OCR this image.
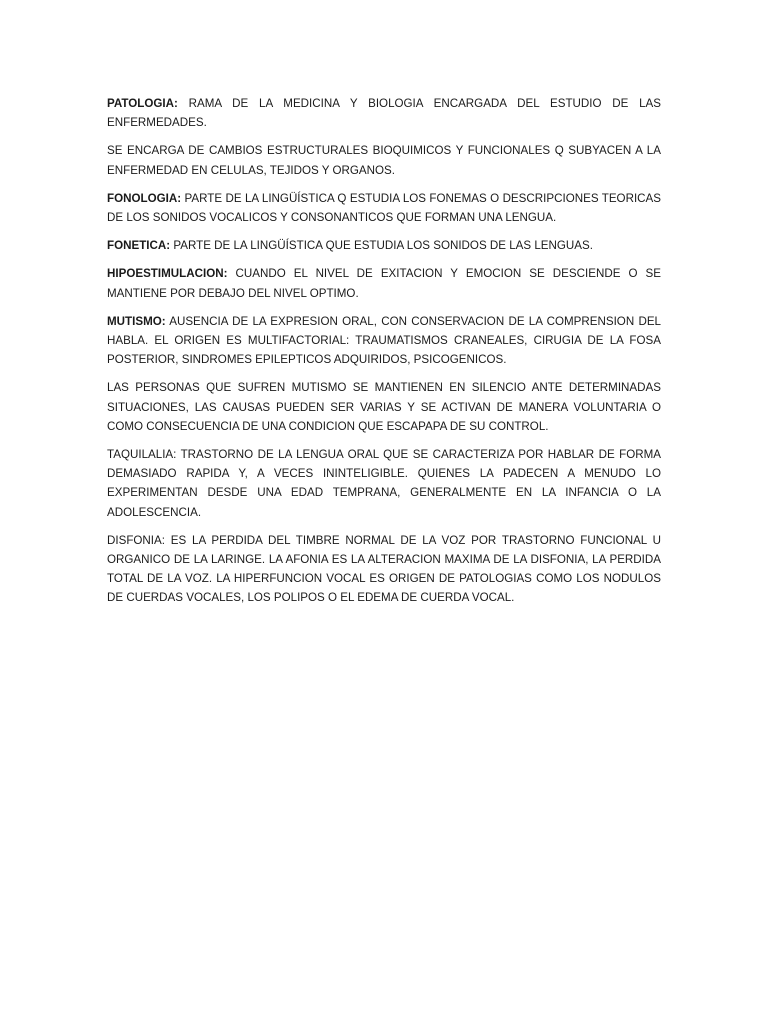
PATOLOGIA: RAMA DE LA MEDICINA Y BIOLOGIA ENCARGADA DEL ESTUDIO DE LAS ENFERMEDADES.

SE ENCARGA DE CAMBIOS ESTRUCTURALES BIOQUIMICOS Y FUNCIONALES Q SUBYACEN A LA ENFERMEDAD EN CELULAS, TEJIDOS Y ORGANOS.

FONOLOGIA: PARTE DE LA LINGÜÍSTICA Q ESTUDIA LOS FONEMAS O DESCRIPCIONES TEORICAS DE LOS SONIDOS VOCALICOS Y CONSONANTICOS QUE FORMAN UNA LENGUA.

FONETICA: PARTE DE LA LINGÜÍSTICA QUE ESTUDIA LOS SONIDOS DE LAS LENGUAS.

HIPOESTIMULACION: CUANDO EL NIVEL DE EXITACION Y EMOCION SE DESCIENDE O SE MANTIENE POR DEBAJO DEL NIVEL OPTIMO.

MUTISMO: AUSENCIA DE LA EXPRESION ORAL, CON CONSERVACION DE LA COMPRENSION DEL HABLA. EL ORIGEN ES MULTIFACTORIAL: TRAUMATISMOS CRANEALES, CIRUGIA DE LA FOSA POSTERIOR, SINDROMES EPILEPTICOS ADQUIRIDOS, PSICOGENICOS.

LAS PERSONAS QUE SUFREN MUTISMO SE MANTIENEN EN SILENCIO ANTE DETERMINADAS SITUACIONES, LAS CAUSAS PUEDEN SER VARIAS Y SE ACTIVAN DE MANERA VOLUNTARIA O COMO CONSECUENCIA DE UNA CONDICION QUE ESCAPAPA DE SU CONTROL.

TAQUILALIA: TRASTORNO DE LA LENGUA ORAL QUE SE CARACTERIZA POR HABLAR DE FORMA DEMASIADO RAPIDA Y, A VECES ININTELIGIBLE. QUIENES LA PADECEN A MENUDO LO EXPERIMENTAN DESDE UNA EDAD TEMPRANA, GENERALMENTE EN LA INFANCIA O LA ADOLESCENCIA.

DISFONIA: ES LA PERDIDA DEL TIMBRE NORMAL DE LA VOZ POR TRASTORNO FUNCIONAL U ORGANICO DE LA LARINGE. LA AFONIA ES LA ALTERACION MAXIMA DE LA DISFONIA, LA PERDIDA TOTAL DE LA VOZ. LA HIPERFUNCION VOCAL ES ORIGEN DE PATOLOGIAS COMO LOS NODULOS DE CUERDAS VOCALES, LOS POLIPOS O EL EDEMA DE CUERDA VOCAL.
